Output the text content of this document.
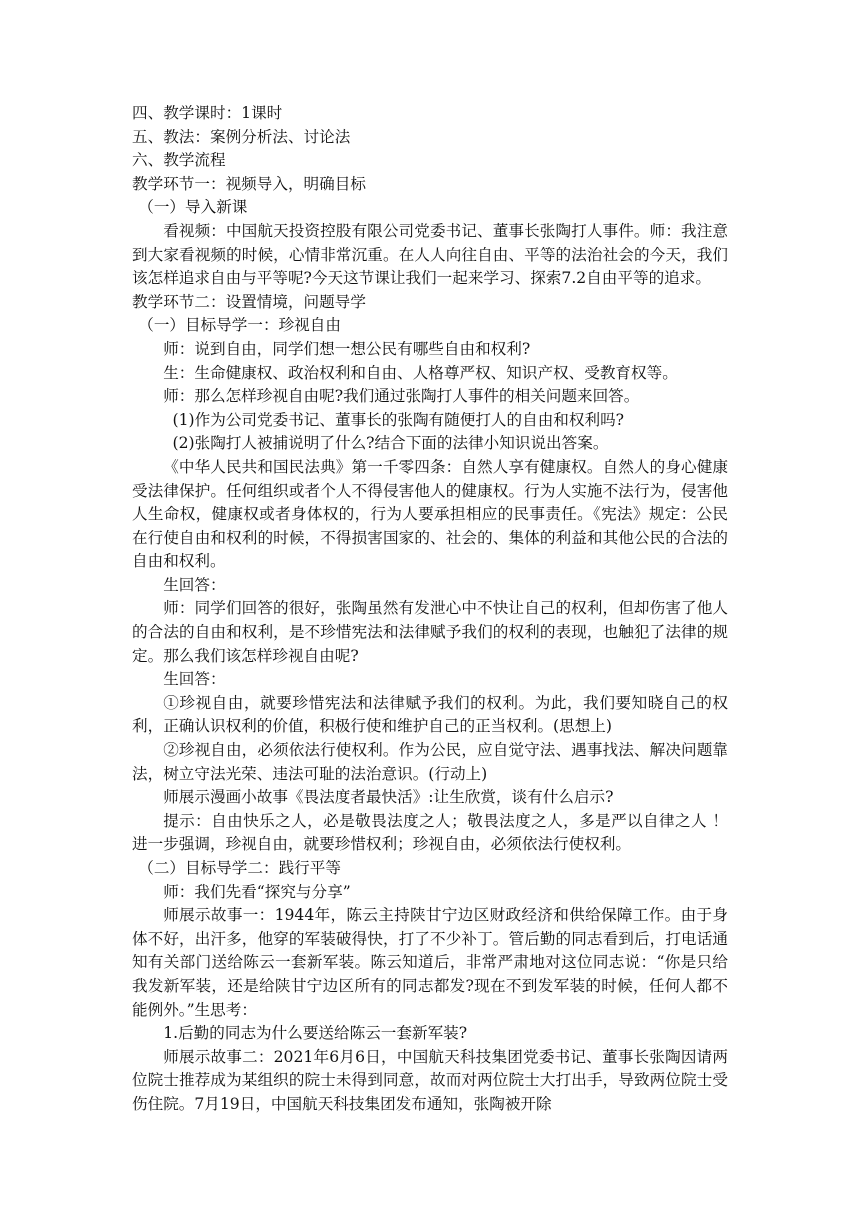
四、教学课时：1课时
五、教法：案例分析法、讨论法
六、教学流程
教学环节一：视频导入，明确目标
（一）导入新课
看视频：中国航天投资控股有限公司党委书记、董事长张陶打人事件。师：我注意到大家看视频的时候，心情非常沉重。在人人向往自由、平等的法治社会的今天，我们该怎样追求自由与平等呢?今天这节课让我们一起来学习、探索7.2自由平等的追求。
教学环节二：设置情境，问题导学
（一）目标导学一：珍视自由
师：说到自由，同学们想一想公民有哪些自由和权利?
生：生命健康权、政治权利和自由、人格尊严权、知识产权、受教育权等。
师：那么怎样珍视自由呢?我们通过张陶打人事件的相关问题来回答。
(1)作为公司党委书记、董事长的张陶有随便打人的自由和权利吗?
(2)张陶打人被捕说明了什么?结合下面的法律小知识说出答案。
《中华人民共和国民法典》第一千零四条：自然人享有健康权。自然人的身心健康受法律保护。任何组织或者个人不得侵害他人的健康权。行为人实施不法行为，侵害他人生命权，健康权或者身体权的，行为人要承担相应的民事责任。《宪法》规定：公民在行使自由和权利的时候，不得损害国家的、社会的、集体的利益和其他公民的合法的自由和权利。
生回答：
师：同学们回答的很好，张陶虽然有发泄心中不快让自己的权利，但却伤害了他人的合法的自由和权利，是不珍惜宪法和法律赋予我们的权利的表现，也触犯了法律的规定。那么我们该怎样珍视自由呢?
生回答：
①珍视自由，就要珍惜宪法和法律赋予我们的权利。为此，我们要知晓自己的权利，正确认识权利的价值，积极行使和维护自己的正当权利。(思想上)
②珍视自由，必须依法行使权利。作为公民，应自觉守法、遇事找法、解决问题靠法，树立守法光荣、违法可耻的法治意识。(行动上)
师展示漫画小故事《畏法度者最快活》:让生欣赏，谈有什么启示?
提示：自由快乐之人，必是敬畏法度之人；敬畏法度之人，多是严以自律之人 ！进一步强调，珍视自由，就要珍惜权利；珍视自由，必须依法行使权利。
（二）目标导学二：践行平等
师：我们先看“探究与分享”
师展示故事一：1944年，陈云主持陕甘宁边区财政经济和供给保障工作。由于身体不好，出汗多，他穿的军装破得快，打了不少补丁。管后勤的同志看到后，打电话通知有关部门送给陈云一套新军装。陈云知道后，非常严肃地对这位同志说：“你是只给我发新军装，还是给陕甘宁边区所有的同志都发?现在不到发军装的时候，任何人都不能例外。”生思考：
1.后勤的同志为什么要送给陈云一套新军装?
师展示故事二：2021年6月6日，中国航天科技集团党委书记、董事长张陶因请两位院士推荐成为某组织的院士未得到同意，故而对两位院士大打出手，导致两位院士受伤住院。7月19日，中国航天科技集团发布通知，张陶被开除
